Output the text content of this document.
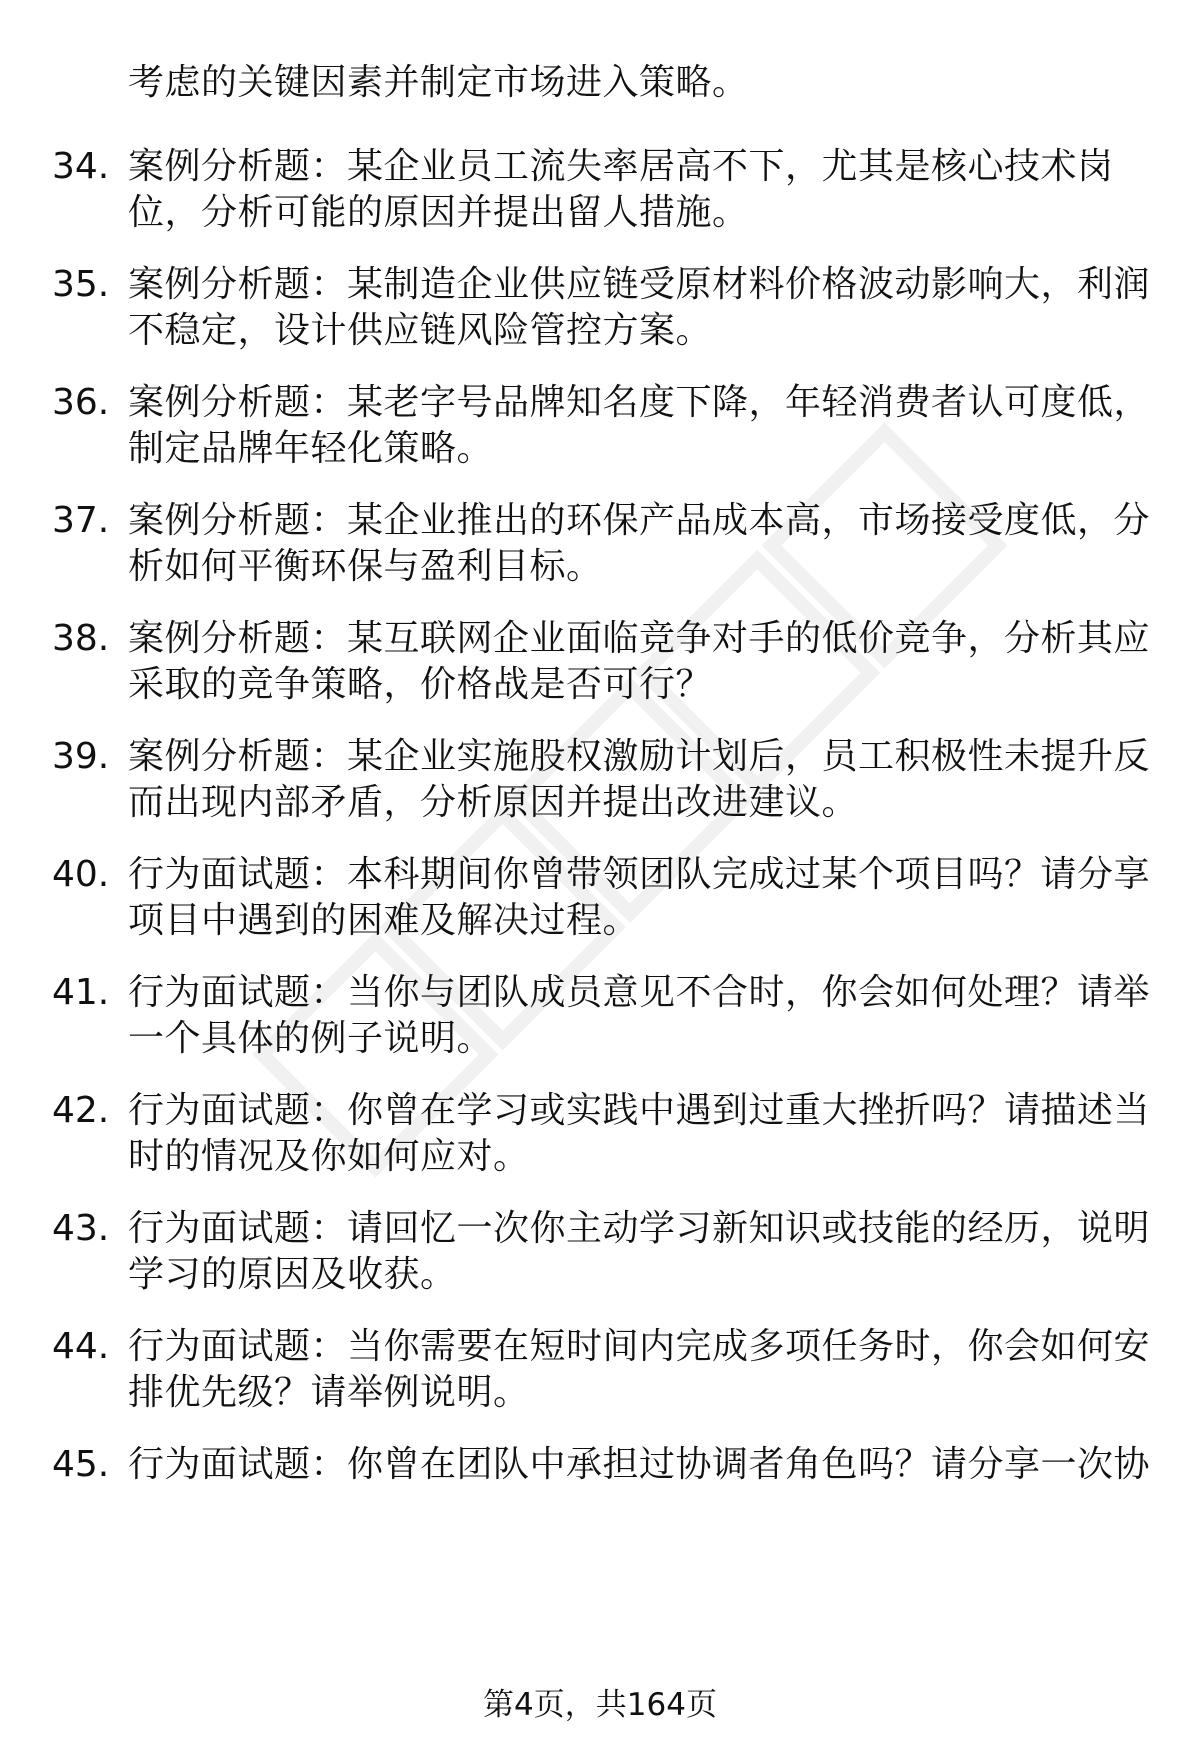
考虑的关键因素并制定市场进入策略。
34. 案例分析题：某企业员工流失率居高不下，尤其是核心技术岗
位，分析可能的原因并提出留人措施。
35. 案例分析题：某制造企业供应链受原材料价格波动影响大，利润
不稳定，设计供应链风险管控方案。
36. 案例分析题：某老字号品牌知名度下降，年轻消费者认可度低，
制定品牌年轻化策略。
37. 案例分析题：某企业推出的环保产品成本高，市场接受度低，分
析如何平衡环保与盈利目标。
38. 案例分析题：某互联网企业面临竞争对手的低价竞争，分析其应
采取的竞争策略，价格战是否可行？
39. 案例分析题：某企业实施股权激励计划后，员工积极性未提升反
而出现内部矛盾，分析原因并提出改进建议。
40. 行为面试题：本科期间你曾带领团队完成过某个项目吗？请分享
项目中遇到的困难及解决过程。
41. 行为面试题：当你与团队成员意见不合时，你会如何处理？请举
一个具体的例子说明。
42. 行为面试题：你曾在学习或实践中遇到过重大挫折吗？请描述当
时的情况及你如何应对。
43. 行为面试题：请回忆一次你主动学习新知识或技能的经历，说明
学习的原因及收获。
44. 行为面试题：当你需要在短时间内完成多项任务时，你会如何安
排优先级？请举例说明。
45. 行为面试题：你曾在团队中承担过协调者角色吗？请分享一次协
第4页，共164页
